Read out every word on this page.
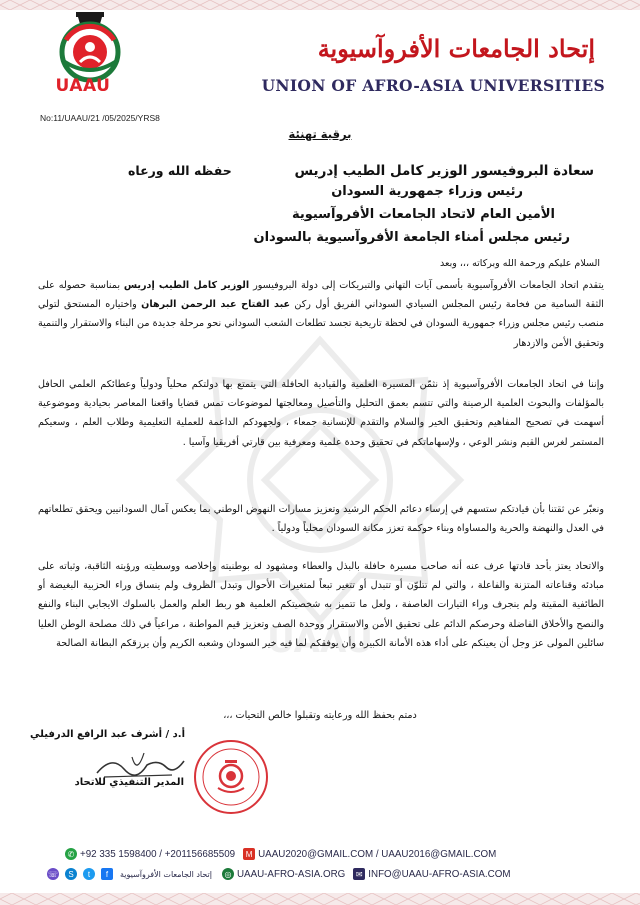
UAAU
UAAU
إتحاد الجامعات الأفروآسيوية
UNION OF AFRO-ASIA UNIVERSITIES
No:11/UAAU/21 /05/2025/YRS8
برقية تهنئة
سعادة البروفيسور الوزير كامل الطيب إدريس
حفظه الله ورعاه
رئيس وزراء جمهورية السودان
الأمين العام لاتحاد الجامعات الأفروآسيوية
رئيس مجلس أمناء الجامعة الأفروآسيوية بالسودان
السلام عليكم ورحمة الله وبركاته ،،، وبعد
يتقدم اتحاد الجامعات الأفروآسيوية بأسمى آيات التهاني والتبريكات إلى دولة البروفيسور الوزير كامل الطيب إدريس بمناسبة حصوله على الثقة السامية من فخامة رئيس المجلس السيادي السوداني الفريق أول ركن عبد الفتاح عبد الرحمن البرهان واختياره المستحق لتولي منصب رئيس مجلس وزراء جمهورية السودان في لحظة تاريخية تجسد تطلعات الشعب السوداني نحو مرحلة جديدة من البناء والاستقرار والتنمية وتحقيق الأمن والازدهار
وإننا في اتحاد الجامعات الأفروآسيوية إذ نثمّن المسيرة العلمية والقيادية الحافلة التي يتمتع بها دولتكم محلياً ودولياً وعطائكم العلمي الحافل بالمؤلفات والبحوث العلمية الرصينة والتي تتسم بعمق التحليل والتأصيل ومعالجتها لموضوعات تمس قضايا واقعنا المعاصر بحيادية وموضوعية أسهمت في تصحيح المفاهيم وتحقيق الخير والسلام والتقدم للإنسانية جمعاء ، ولجهودكم الداعمة للعملية التعليمية وطلاب العلم ، وسعيكم المستمر لغرس القيم ونشر الوعي ، ولإسهاماتكم في تحقيق وحدة علمية ومعرفية بين قارتي أفريقيا وآسيا .
ونعبّر عن ثقتنا بأن قيادتكم ستسهم في إرساء دعائم الحكم الرشيد وتعزيز مسارات النهوض الوطني بما يعكس آمال السودانيين ويحقق تطلعاتهم في العدل والنهضة والحرية والمساواة وبناء حوكمة تعزز مكانة السودان محلياً ودولياً .
والاتحاد يعتز بأحد قادتها عرف عنه أنه صاحب مسيرة حافلة بالبذل والعطاء ومشهود له بوطنيته وإخلاصه ووسطيته ورؤيته الثاقبة، وثباته على مبادئه وقناعاته المتزنة والفاعلة ، والتي لم تتلوّن أو تتبدل أو تتغير تبعاً لمتغيرات الأحوال وتبدل الظروف ولم ينساق وراء الحزبية البغيضة أو الطائفية المقيتة ولم ينجرف وراء التيارات العاصفة ، ولعل ما تتميز به شخصيتكم العلمية هو ربط العلم والعمل بالسلوك الايجابي البناء والنفع والنصح والأخلاق الفاضلة وحرصكم الدائم على تحقيق الأمن والاستقرار ووحدة الصف وتعزيز قيم المواطنة ، مراعياً في ذلك مصلحة الوطن العليا سائلين المولى عز وجل أن يعينكم على أداء هذه الأمانة الكبيرة وأن يوفقكم لما فيه خير السودان وشعبه الكريم وأن يرزقكم البطانة الصالحة
دمتم بحفظ الله ورعايته وتقبلوا خالص التحيات ،،،
أ.د / أشرف عبد الرافع الدرفيلي
المدير التنفيذي للاتحاد
✆ +92 335 1598400 / +201156685509	M UAAU2020@GMAIL.COM / UAAU2016@GMAIL.COM
☏	S	t	f	إتحاد الجامعات الأفروآسيوية	◎ UAAU-AFRO-ASIA.ORG	✉ INFO@UAAU-AFRO-ASIA.COM
